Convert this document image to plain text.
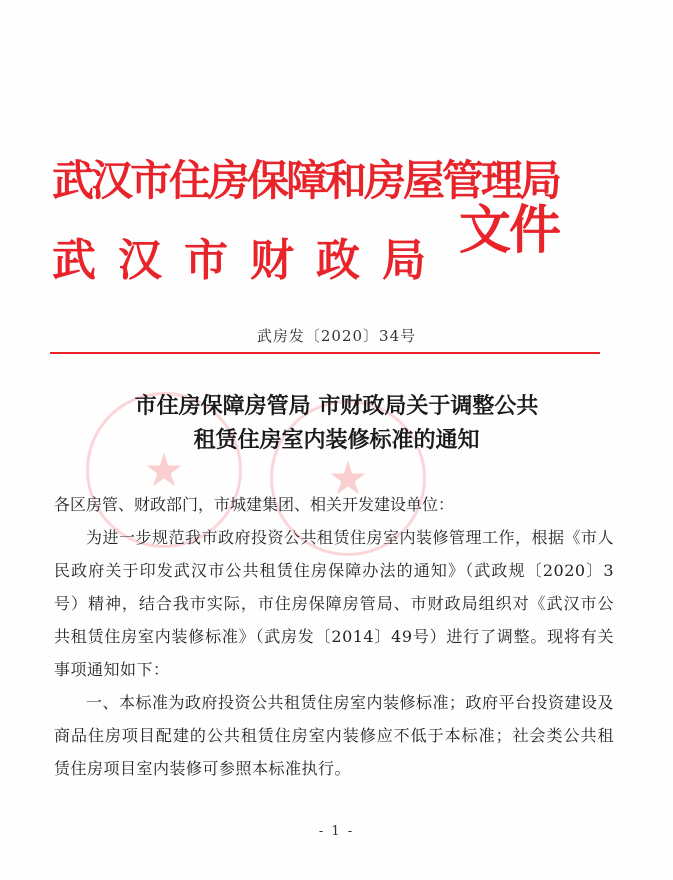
武汉市住房保障和房屋管理局
武汉市财政局 文件
武房发〔2020〕34号
★	★
市住房保障房管局 市财政局关于调整公共
租赁住房室内装修标准的通知

各区房管、财政部门，市城建集团、相关开发建设单位：

为进一步规范我市政府投资公共租赁住房室内装修管理工作，根据《市人民政府关于印发武汉市公共租赁住房保障办法的通知》（武政规〔2020〕3号）精神，结合我市实际，市住房保障房管局、市财政局组织对《武汉市公共租赁住房室内装修标准》（武房发〔2014〕49号）进行了调整。现将有关事项通知如下：

一、本标准为政府投资公共租赁住房室内装修标准；政府平台投资建设及商品住房项目配建的公共租赁住房室内装修应不低于本标准；社会类公共租赁住房项目室内装修可参照本标准执行。

- 1 -
